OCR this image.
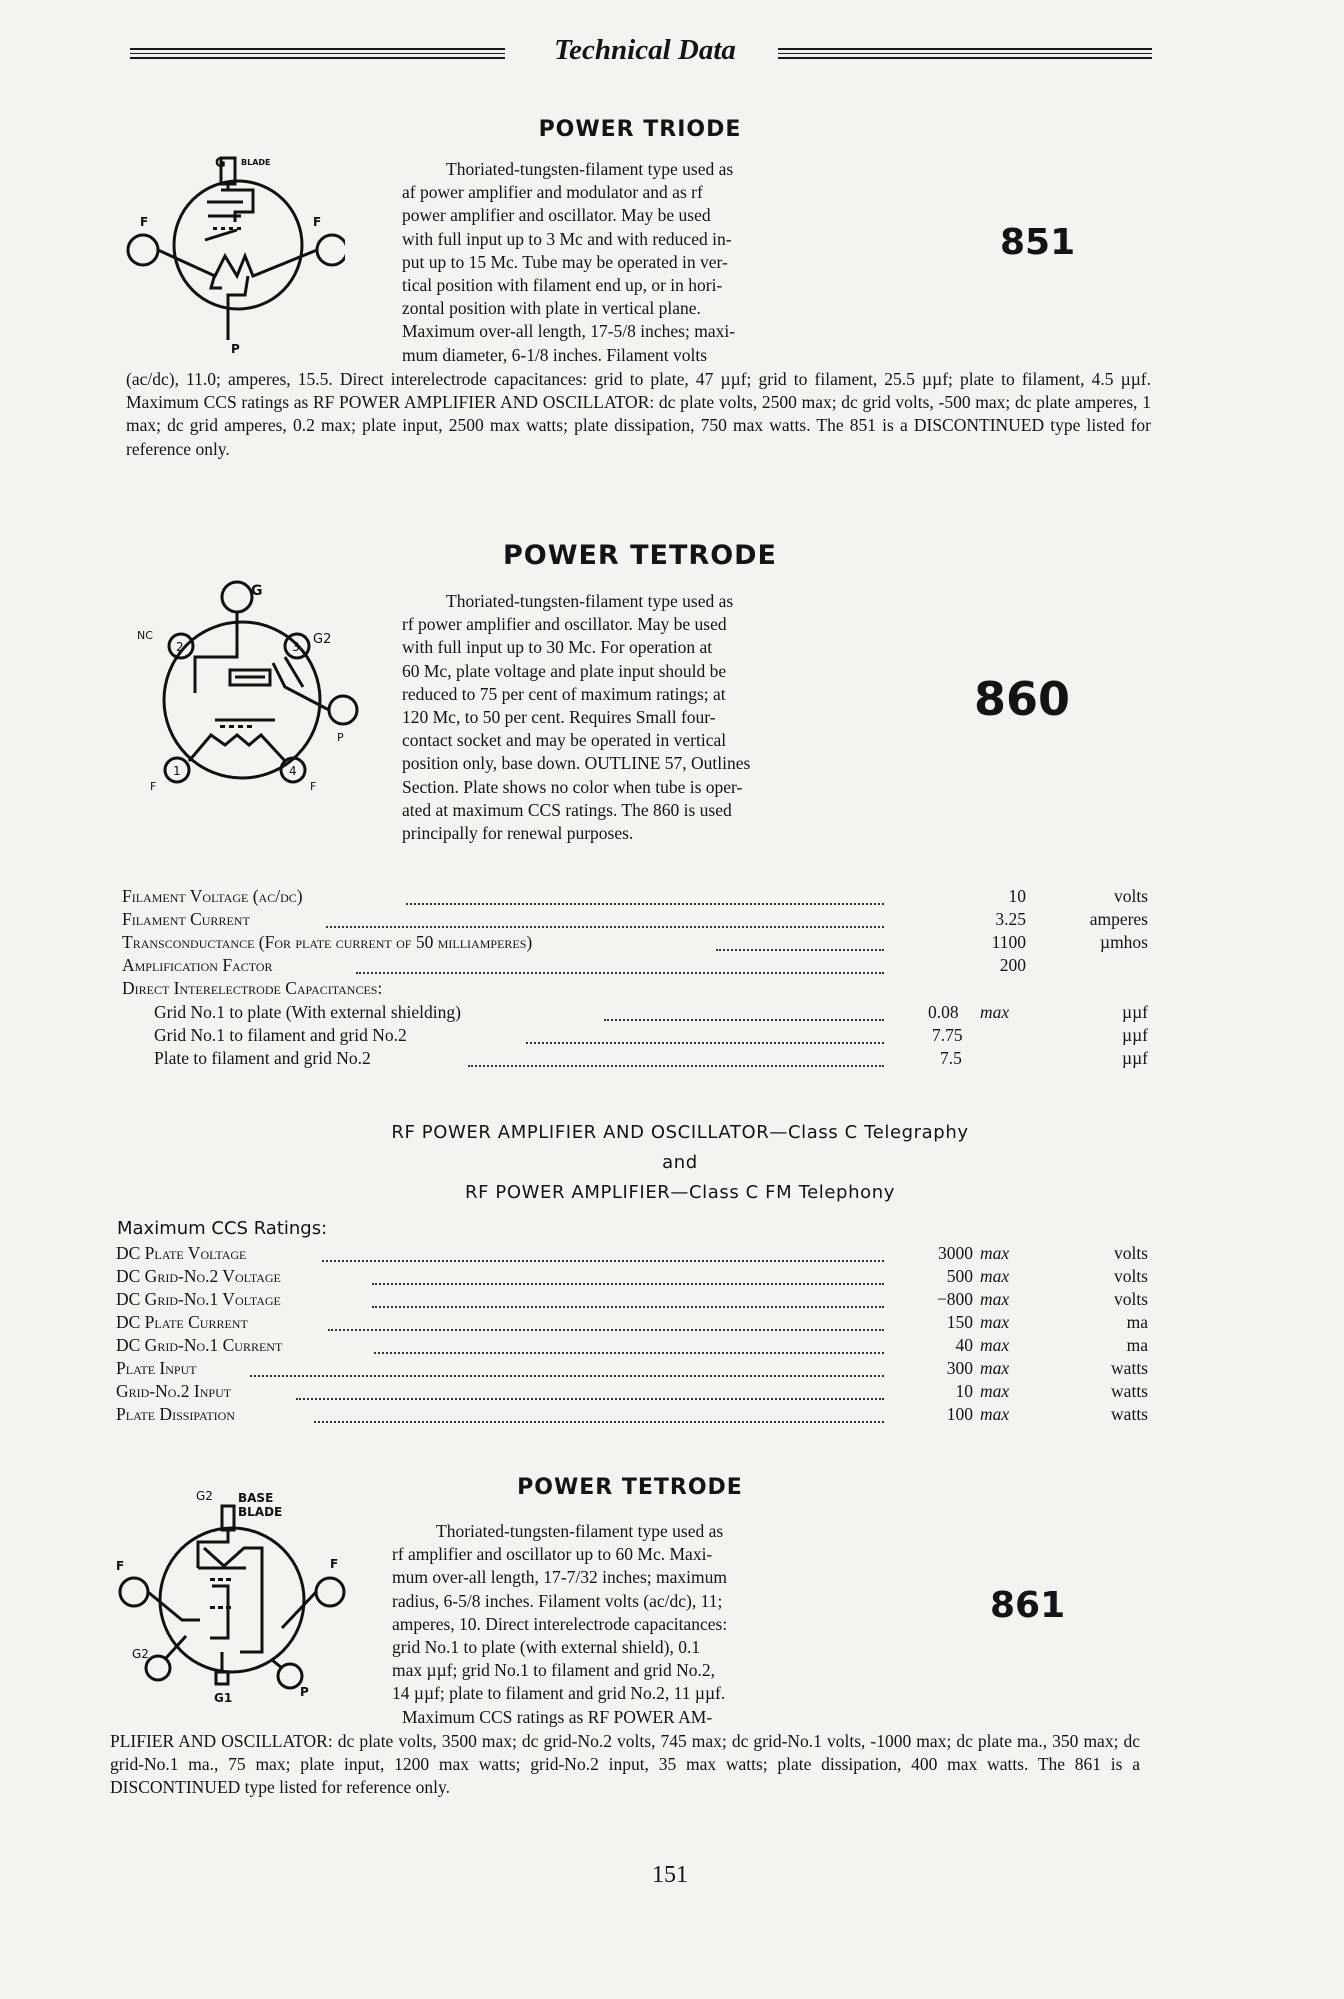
Technical Data
POWER TRIODE
G BLADE
F	F
P
Thoriated-tungsten-filament type used as
af power amplifier and modulator and as rf
power amplifier and oscillator. May be used
with full input up to 3 Mc and with reduced in-
put up to 15 Mc. Tube may be operated in ver-
tical position with filament end up, or in hori-
zontal position with plate in vertical plane.
Maximum over-all length, 17-5/8 inches; maxi-
mum diameter, 6-1/8 inches. Filament volts
851

(ac/dc), 11.0; amperes, 15.5. Direct interelectrode capacitances: grid to plate, 47 µµf; grid to filament, 25.5 µµf; plate to filament, 4.5 µµf. Maximum CCS ratings as RF POWER AMPLIFIER AND OSCILLATOR: dc plate volts, 2500 max; dc grid volts, -500 max; dc plate amperes, 1 max; dc grid amperes, 0.2 max; plate input, 2500 max watts; plate dissipation, 750 max watts. The 851 is a DISCONTINUED type listed for reference only.

POWER TETRODE
G
NC
2	3 G2
P
1	4
F	F
Thoriated-tungsten-filament type used as
rf power amplifier and oscillator. May be used
with full input up to 30 Mc. For operation at
60 Mc, plate voltage and plate input should be
reduced to 75 per cent of maximum ratings; at
120 Mc, to 50 per cent. Requires Small four-
contact socket and may be operated in vertical
position only, base down. OUTLINE 57, Outlines
Section. Plate shows no color when tube is oper-
ated at maximum CCS ratings. The 860 is used
principally for renewal purposes.
860
Filament Voltage (ac/dc)	10	volts
Filament Current	3.25	amperes
Transconductance (For plate current of 50 milliamperes)	1100	µmhos
Amplification Factor	200
Direct Interelectrode Capacitances:
Grid No.1 to plate (With external shielding)	0.08	max	µµf
Grid No.1 to filament and grid No.2	7.75	µµf
Plate to filament and grid No.2	7.5	µµf
RF POWER AMPLIFIER AND OSCILLATOR—Class C Telegraphy
and
RF POWER AMPLIFIER—Class C FM Telephony
Maximum CCS Ratings:
DC Plate Voltage	3000 max	volts
DC Grid-No.2 Voltage	500 max	volts
DC Grid-No.1 Voltage	−800 max	volts
DC Plate Current	150 max	ma
DC Grid-No.1 Current	40 max	ma
Plate Input	300 max	watts
Grid-No.2 Input	10 max	watts
Plate Dissipation	100 max	watts
POWER TETRODE
G2 BASE
BLADE
F	F
G2
G1	P
Thoriated-tungsten-filament type used as
rf amplifier and oscillator up to 60 Mc. Maxi-
mum over-all length, 17-7/32 inches; maximum
radius, 6-5/8 inches. Filament volts (ac/dc), 11;
amperes, 10. Direct interelectrode capacitances:
grid No.1 to plate (with external shield), 0.1
max µµf; grid No.1 to filament and grid No.2,
14 µµf; plate to filament and grid No.2, 11 µµf.
Maximum CCS ratings as RF POWER AM-
861

PLIFIER AND OSCILLATOR: dc plate volts, 3500 max; dc grid-No.2 volts, 745 max; dc grid-No.1 volts, -1000 max; dc plate ma., 350 max; dc grid-No.1 ma., 75 max; plate input, 1200 max watts; grid-No.2 input, 35 max watts; plate dissipation, 400 max watts. The 861 is a DISCONTINUED type listed for reference only.

151
